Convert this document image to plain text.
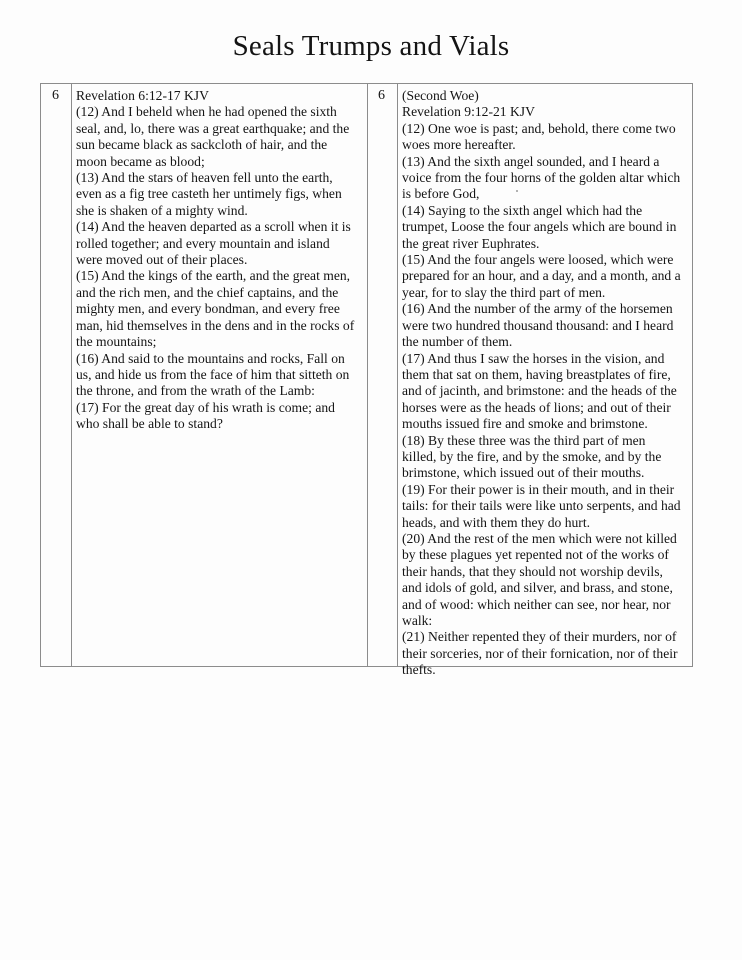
Seals Trumps and Vials
6 Revelation 6:12-17 KJV
(12) And I beheld when he had opened the sixth
seal, and, lo, there was a great earthquake; and the
sun became black as sackcloth of hair, and the
moon became as blood;
(13) And the stars of heaven fell unto the earth,
even as a fig tree casteth her untimely figs, when
she is shaken of a mighty wind.
(14) And the heaven departed as a scroll when it is
rolled together; and every mountain and island
were moved out of their places.
(15) And the kings of the earth, and the great men,
and the rich men, and the chief captains, and the
mighty men, and every bondman, and every free
man, hid themselves in the dens and in the rocks of
the mountains;
(16) And said to the mountains and rocks, Fall on
us, and hide us from the face of him that sitteth on
the throne, and from the wrath of the Lamb:
(17) For the great day of his wrath is come; and
who shall be able to stand?
6 (Second Woe)
Revelation 9:12-21 KJV
(12) One woe is past; and, behold, there come two
woes more hereafter.
(13) And the sixth angel sounded, and I heard a
voice from the four horns of the golden altar which
is before God,
(14) Saying to the sixth angel which had the
trumpet, Loose the four angels which are bound in
the great river Euphrates.
(15) And the four angels were loosed, which were
prepared for an hour, and a day, and a month, and a
year, for to slay the third part of men.
(16) And the number of the army of the horsemen
were two hundred thousand thousand: and I heard
the number of them.
(17) And thus I saw the horses in the vision, and
them that sat on them, having breastplates of fire,
and of jacinth, and brimstone: and the heads of the
horses were as the heads of lions; and out of their
mouths issued fire and smoke and brimstone.
(18) By these three was the third part of men
killed, by the fire, and by the smoke, and by the
brimstone, which issued out of their mouths.
(19) For their power is in their mouth, and in their
tails: for their tails were like unto serpents, and had
heads, and with them they do hurt.
(20) And the rest of the men which were not killed
by these plagues yet repented not of the works of
their hands, that they should not worship devils,
and idols of gold, and silver, and brass, and stone,
and of wood: which neither can see, nor hear, nor
walk:
(21) Neither repented they of their murders, nor of
their sorceries, nor of their fornication, nor of their
thefts.
